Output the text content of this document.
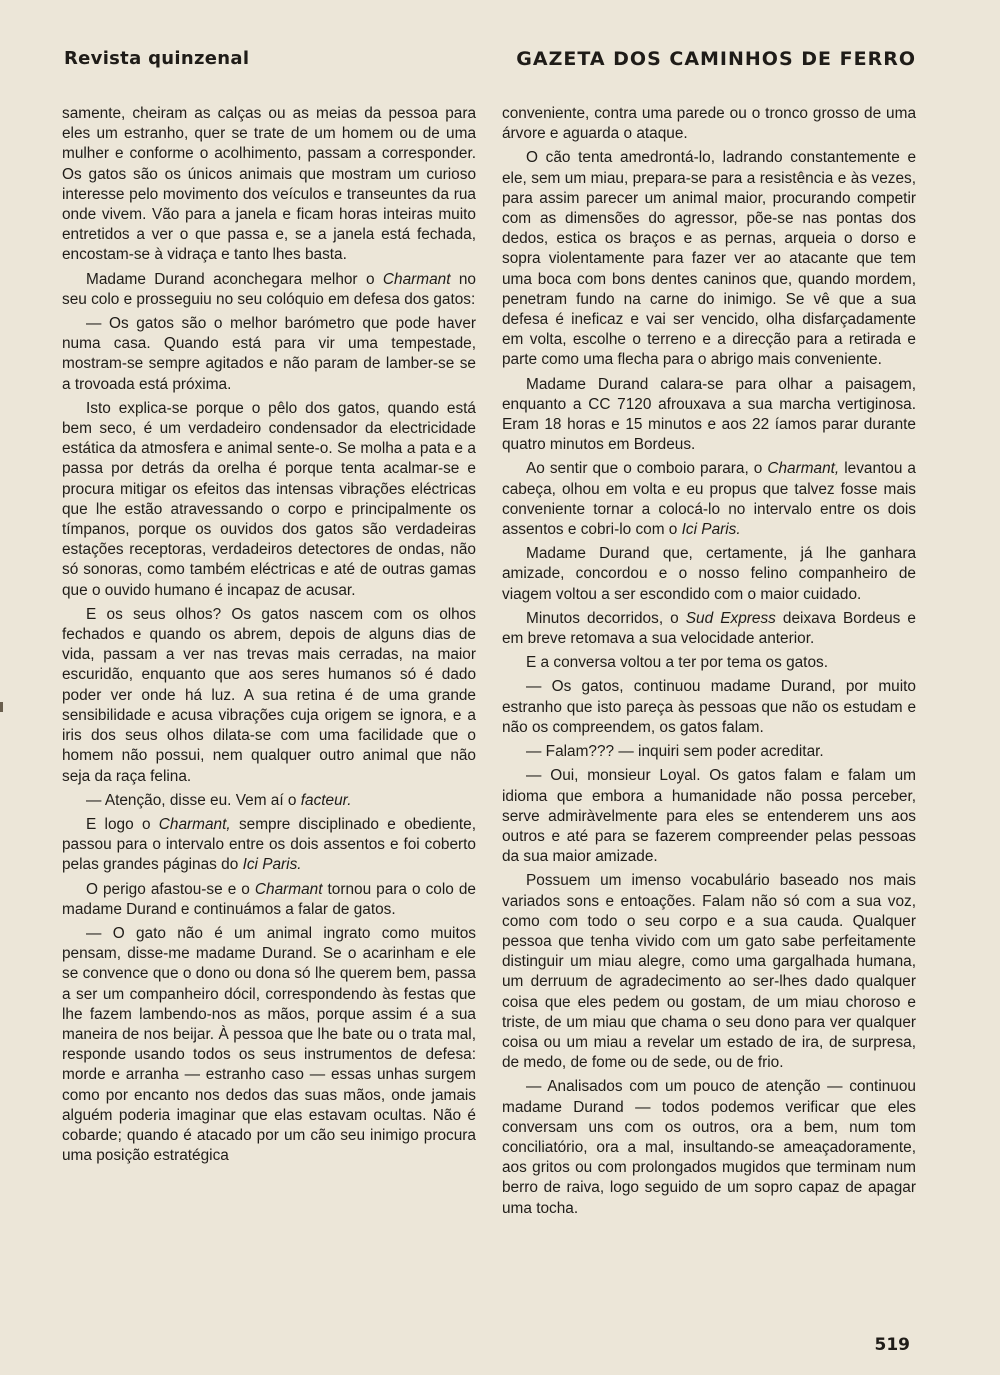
Revista quinzenal	GAZETA DOS CAMINHOS DE FERRO

samente, cheiram as calças ou as meias da pessoa para eles um estranho, quer se trate de um homem ou de uma mulher e conforme o acolhimento, passam a corresponder. Os gatos são os únicos animais que mostram um curioso interesse pelo movimento dos veículos e transeuntes da rua onde vivem. Vão para a janela e ficam horas inteiras muito entretidos a ver o que passa e, se a janela está fechada, encostam-se à vidraça e tanto lhes basta.

Madame Durand aconchegara melhor o Charmant no seu colo e prosseguiu no seu colóquio em defesa dos gatos:

— Os gatos são o melhor barómetro que pode haver numa casa. Quando está para vir uma tempestade, mostram-se sempre agitados e não param de lamber-se se a trovoada está próxima.

Isto explica-se porque o pêlo dos gatos, quando está bem seco, é um verdadeiro condensador da electricidade estática da atmosfera e animal sente-o. Se molha a pata e a passa por detrás da orelha é porque tenta acalmar-se e procura mitigar os efeitos das intensas vibrações eléctricas que lhe estão atravessando o corpo e principalmente os tímpanos, porque os ouvidos dos gatos são verdadeiras estações receptoras, verdadeiros detectores de ondas, não só sonoras, como também eléctricas e até de outras gamas que o ouvido humano é incapaz de acusar.

E os seus olhos? Os gatos nascem com os olhos fechados e quando os abrem, depois de alguns dias de vida, passam a ver nas trevas mais cerradas, na maior escuridão, enquanto que aos seres humanos só é dado poder ver onde há luz. A sua retina é de uma grande sensibilidade e acusa vibrações cuja origem se ignora, e a iris dos seus olhos dilata-se com uma facilidade que o homem não possui, nem qualquer outro animal que não seja da raça felina.

— Atenção, disse eu. Vem aí o facteur.

E logo o Charmant, sempre disciplinado e obediente, passou para o intervalo entre os dois assentos e foi coberto pelas grandes páginas do Ici Paris.

O perigo afastou-se e o Charmant tornou para o colo de madame Durand e continuámos a falar de gatos.

— O gato não é um animal ingrato como muitos pensam, disse-me madame Durand. Se o acarinham e ele se convence que o dono ou dona só lhe querem bem, passa a ser um companheiro dócil, correspondendo às festas que lhe fazem lambendo-nos as mãos, porque assim é a sua maneira de nos beijar. À pessoa que lhe bate ou o trata mal, responde usando todos os seus instrumentos de defesa: morde e arranha — estranho caso — essas unhas surgem como por encanto nos dedos das suas mãos, onde jamais alguém poderia imaginar que elas estavam ocultas. Não é cobarde; quando é atacado por um cão seu inimigo procura uma posição estratégica

conveniente, contra uma parede ou o tronco grosso de uma árvore e aguarda o ataque.

O cão tenta amedrontá-lo, ladrando constantemente e ele, sem um miau, prepara-se para a resistência e às vezes, para assim parecer um animal maior, procurando competir com as dimensões do agressor, põe-se nas pontas dos dedos, estica os braços e as pernas, arqueia o dorso e sopra violentamente para fazer ver ao atacante que tem uma boca com bons dentes caninos que, quando mordem, penetram fundo na carne do inimigo. Se vê que a sua defesa é ineficaz e vai ser vencido, olha disfarçadamente em volta, escolhe o terreno e a direcção para a retirada e parte como uma flecha para o abrigo mais conveniente.

Madame Durand calara-se para olhar a paisagem, enquanto a CC 7120 afrouxava a sua marcha vertiginosa. Eram 18 horas e 15 minutos e aos 22 íamos parar durante quatro minutos em Bordeus.

Ao sentir que o comboio parara, o Charmant, levantou a cabeça, olhou em volta e eu propus que talvez fosse mais conveniente tornar a colocá-lo no intervalo entre os dois assentos e cobri-lo com o Ici Paris.

Madame Durand que, certamente, já lhe ganhara amizade, concordou e o nosso felino companheiro de viagem voltou a ser escondido com o maior cuidado.

Minutos decorridos, o Sud Express deixava Bordeus e em breve retomava a sua velocidade anterior.

E a conversa voltou a ter por tema os gatos.

— Os gatos, continuou madame Durand, por muito estranho que isto pareça às pessoas que não os estudam e não os compreendem, os gatos falam.

— Falam??? — inquiri sem poder acreditar.

— Oui, monsieur Loyal. Os gatos falam e falam um idioma que embora a humanidade não possa perceber, serve admiràvelmente para eles se entenderem uns aos outros e até para se fazerem compreender pelas pessoas da sua maior amizade.

Possuem um imenso vocabulário baseado nos mais variados sons e entoações. Falam não só com a sua voz, como com todo o seu corpo e a sua cauda. Qualquer pessoa que tenha vivido com um gato sabe perfeitamente distinguir um miau alegre, como uma gargalhada humana, um derruum de agradecimento ao ser-lhes dado qualquer coisa que eles pedem ou gostam, de um miau choroso e triste, de um miau que chama o seu dono para ver qualquer coisa ou um miau a revelar um estado de ira, de surpresa, de medo, de fome ou de sede, ou de frio.

— Analisados com um pouco de atenção — continuou madame Durand — todos podemos verificar que eles conversam uns com os outros, ora a bem, num tom conciliatório, ora a mal, insultando-se ameaçadoramente, aos gritos ou com prolongados mugidos que terminam num berro de raiva, logo seguido de um sopro capaz de apagar uma tocha.

519
